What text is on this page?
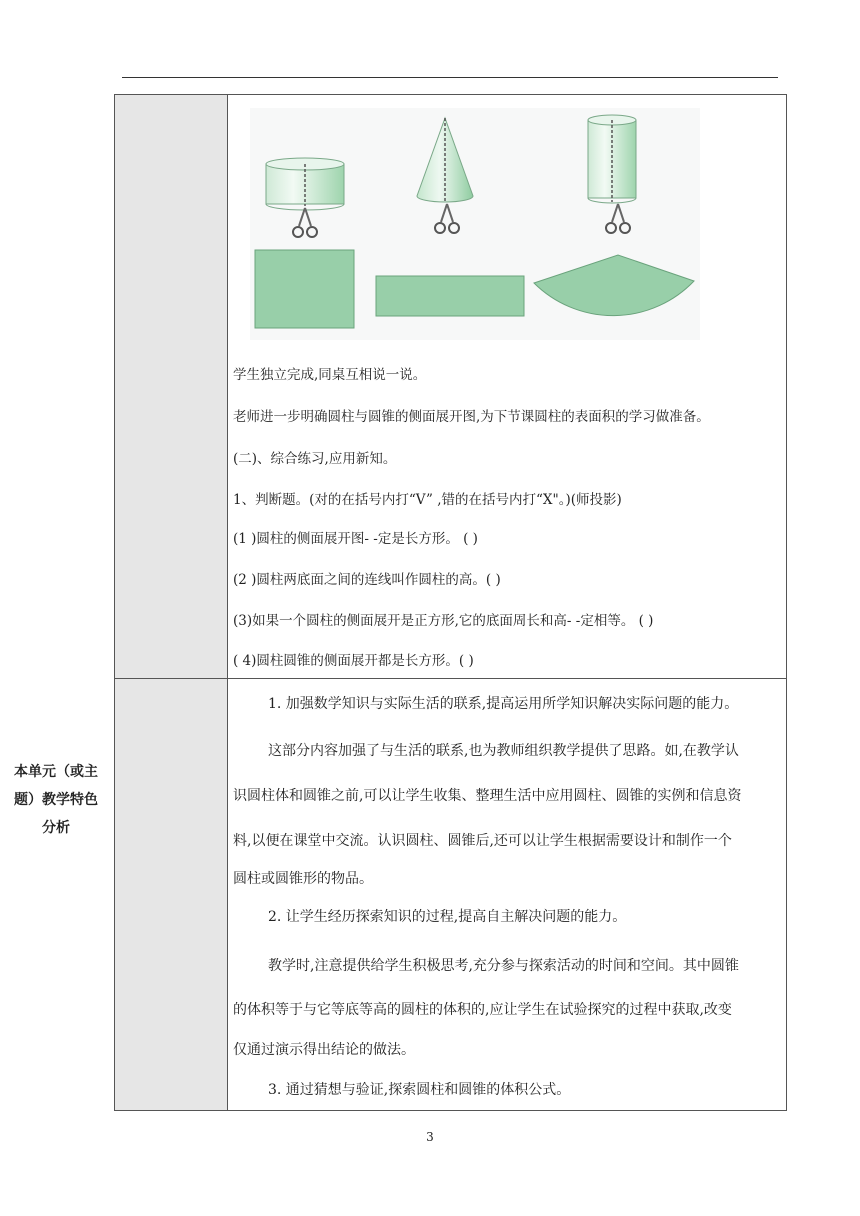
学生独立完成,同桌互相说一说。
老师进一步明确圆柱与圆锥的侧面展开图,为下节课圆柱的表面积的学习做准备。
(二)、综合练习,应用新知。
1、判断题。(对的在括号内打“V” ,错的在括号内打“X"。)(师投影)
(1 )圆柱的侧面展开图- -定是长方形。 ( )
(2 )圆柱两底面之间的连线叫作圆柱的高。( )
(3)如果一个圆柱的侧面展开是正方形,它的底面周长和高- -定相等。 ( )
( 4)圆柱圆锥的侧面展开都是长方形。( )
本单元（或主
题）教学特色
分析
1. 加强数学知识与实际生活的联系,提高运用所学知识解决实际问题的能力。
这部分内容加强了与生活的联系,也为教师组织教学提供了思路。如,在教学认
识圆柱体和圆锥之前,可以让学生收集、整理生活中应用圆柱、圆锥的实例和信息资
料,以便在课堂中交流。认识圆柱、圆锥后,还可以让学生根据需要设计和制作一个
圆柱或圆锥形的物品。
2. 让学生经历探索知识的过程,提高自主解决问题的能力。
教学时,注意提供给学生积极思考,充分参与探索活动的时间和空间。其中圆锥
的体积等于与它等底等高的圆柱的体积的,应让学生在试验探究的过程中获取,改变
仅通过演示得出结论的做法。
3. 通过猜想与验证,探索圆柱和圆锥的体积公式。
3
